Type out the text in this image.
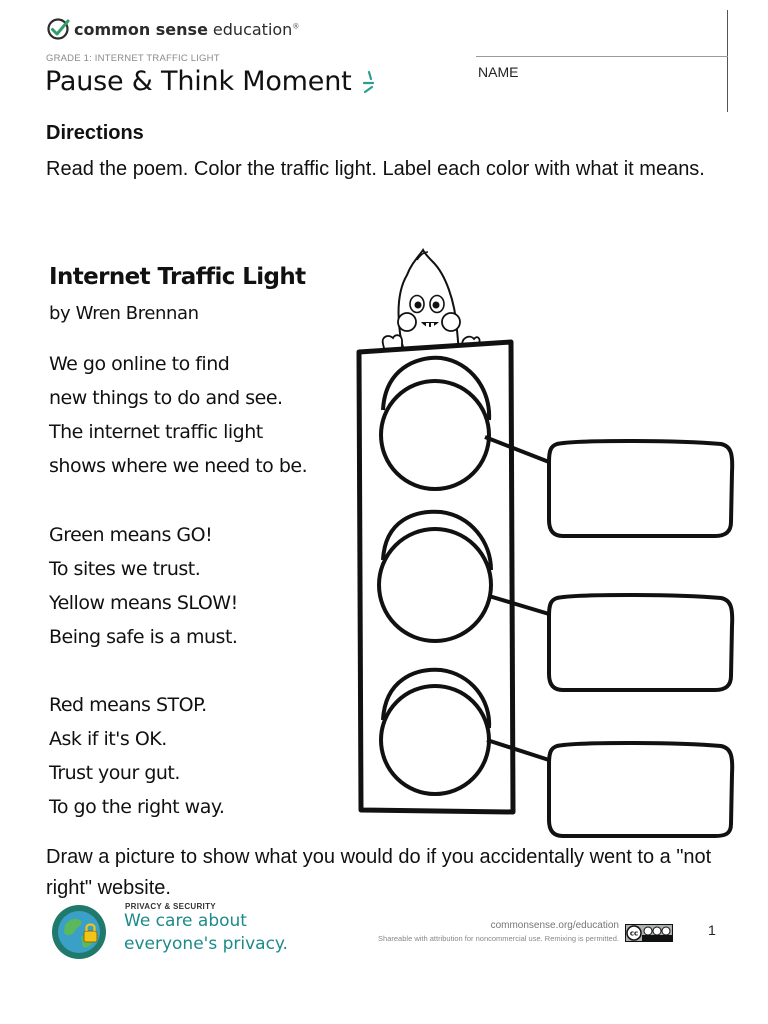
common sense education®
GRADE 1: INTERNET TRAFFIC LIGHT
Pause & Think Moment	NAME
Directions
Read the poem. Color the traffic light. Label each color with what it means.
Internet Traffic Light
by Wren Brennan
We go online to find
new things to do and see.
The internet traffic light
shows where we need to be.
Green means GO!
To sites we trust.
Yellow means SLOW!
Being safe is a must.
Red means STOP.
Ask if it's OK.
Trust your gut.
To go the right way.
Draw a picture to show what you would do if you accidentally went to a "not right" website.
PRIVACY & SECURITY
We care about
everyone's privacy.
commonsense.org/education
Shareable with attribution for noncommercial use. Remixing is permitted.
cc	1
